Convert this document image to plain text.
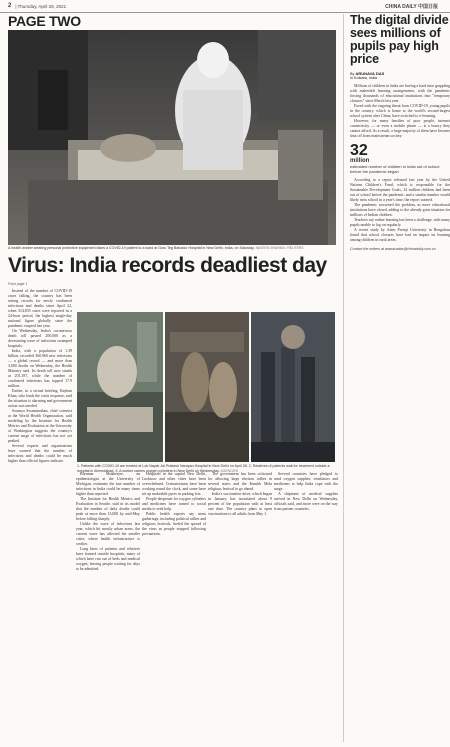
2 | Thursday, April 29, 2021	CHINA DAILY 中国日报
PAGE TWO
A health worker wearing personal protective equipment takes a COVID-19 patient to a ward at Guru Teg Bahadur Hospital in New Delhi, India, on Saturday. NAVEEN SHARMA / REUTERS
Virus: India records deadliest day
From page 1

Instead of the number of COVID-19 cases falling, the country has been setting records for newly confirmed infections and deaths since April 22, when 314,835 cases were reported in a 24-hour period, the highest single-day national figure globally since the pandemic erupted last year.

On Wednesday, India's coronavirus death toll passed 200,000 as a devastating wave of infections swamped hospitals.

India, with a population of 1.39 billion, recorded 360,960 new infections — a global record — and more than 3,000 deaths on Wednesday, the Health Ministry said. Its death toll now stands at 201,187, while the number of confirmed infections has topped 17.9 million.

Earlier, in a virtual briefing, Rayhan Khan, who leads the crisis response, said the situation is alarming and government action was needed.

Soumya Swaminathan, chief scientist at the World Health Organization, said modeling by the Institute for Health Metrics and Evaluation at the University of Washington suggests the country's current surge of infections has not yet peaked.

Several experts and organizations have warned that the number of infections and deaths could be much higher than official figures indicate.

Bhramar Mukherjee, an epidemiologist at the University of Michigan, estimates the true number of infections in India could be many times higher than reported.

The Institute for Health Metrics and Evaluation in Seattle, said in its model that the number of daily deaths could peak at more than 13,000 by mid-May before falling sharply.

Unlike the wave of infections last year, which hit mostly urban areas, the current wave has affected the smaller cities, where health infrastructure is weaker.

Long lines of patients and relatives have formed outside hospitals, many of which have run out of beds and medical oxygen, leaving people waiting for days to be admitted.

Hospitals in the capital New Delhi, Lucknow and other cities have been overwhelmed. Crematoriums have been working round the clock, and some have set up makeshift pyres in parking lots.

People desperate for oxygen cylinders and medicines have turned to social media to seek help.

Public health experts say mass gatherings, including political rallies and religious festivals, fueled the spread of the virus as people stopped following precautions.

The government has been criticized for allowing large election rallies in several states and the Kumbh Mela religious festival to go ahead.

India's vaccination drive, which began in January, has inoculated about 9 percent of the population with at least one dose. The country plans to open vaccinations to all adults from May 1.

Several countries have pledged to send oxygen supplies, ventilators and medicines to help India cope with the surge.

A shipment of medical supplies arrived in New Delhi on Wednesday, officials said, and more were on the way from partner countries.

1. Patients with COVID-19 are treated at Lok Nayak Jai Prakash Narayan Hospital in New Delhi on April 28. 2. Relatives of patients wait for treatment outside a hospital in Ahmedabad. 3. A worker carries oxygen cylinders in New Delhi on Wednesday. AGENCIES
The digital divide sees millions of pupils pay high price
By ARUNAVA DAS
in Kolkata, India

Millions of children in India are having a hard time grappling with makeshift learning arrangements, with the pandemic forcing thousands of educational institutions into "temporary closures" since March last year.

Faced with the ongoing threat from COVID-19, young pupils in the country, which is home to the world's second-largest school system after China, have switched to e-learning.

However, for many families of poor people, internet connectivity — or even a mobile phone — is a luxury they cannot afford. As a result, a large majority of them have become shut off from mainstream society.

32
million
estimated number of children in India out of school before the pandemic began

According to a report released last year by the United Nations Children's Fund, which is responsible for the Sustainable Development Goals, 32 million children had been out of school before the pandemic, and a similar number would likely miss school in a year's time, the report warned.

The pandemic worsened the problem, as more educational institutions have closed, adding to the already grim situation for millions of Indian children.

Teachers say online learning has been a challenge, with many pupils unable to log on regularly.

A recent study by Azim Premji University in Bengaluru found that school closures have had an impact on learning among children in rural areas.

Contact the writers at aranavadas@chinadaily.com.cn
